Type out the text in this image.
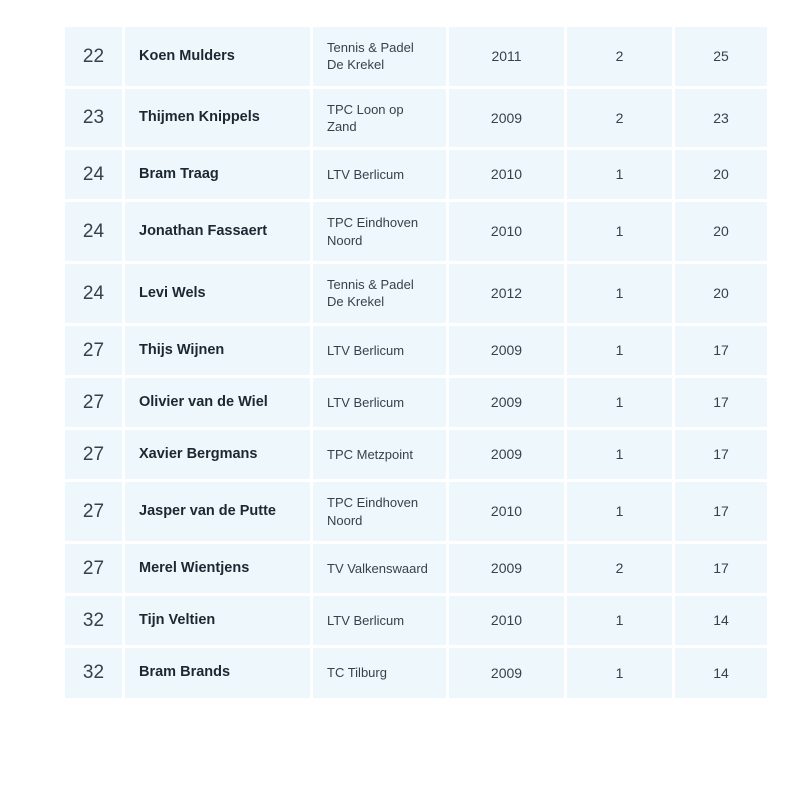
22	Koen Mulders	Tennis & Padel De Krekel	2011	2	25

23	Thijmen Knippels	TPC Loon op Zand	2009	2	23

24	Bram Traag	LTV Berlicum	2010	1	20

24	Jonathan Fassaert	TPC Eindhoven Noord	2010	1	20

24	Levi Wels	Tennis & Padel De Krekel	2012	1	20

27	Thijs Wijnen	LTV Berlicum	2009	1	17

27	Olivier van de Wiel	LTV Berlicum	2009	1	17

27	Xavier Bergmans	TPC Metzpoint	2009	1	17

27	Jasper van de Putte	TPC Eindhoven Noord	2010	1	17

27	Merel Wientjens	TV Valkenswaard	2009	2	17

32	Tijn Veltien	LTV Berlicum	2010	1	14

32	Bram Brands	TC Tilburg	2009	1	14
